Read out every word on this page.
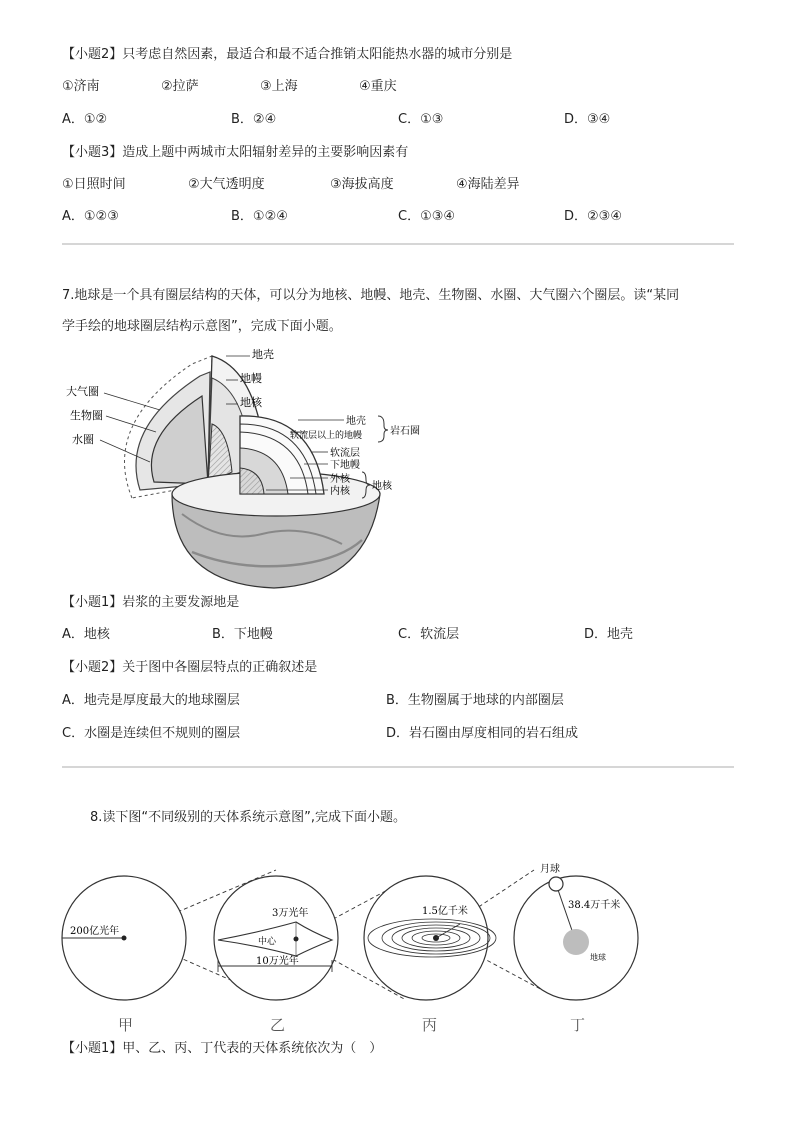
【小题2】只考虑自然因素，最适合和最不适合推销太阳能热水器的城市分别是
①济南	②拉萨	③上海	④重庆
A．①②	B．②④	C．①③	D．③④
【小题3】造成上题中两城市太阳辐射差异的主要影响因素有
①日照时间	②大气透明度	③海拔高度	④海陆差异
A．①②③	B．①②④	C．①③④	D．②③④
7.地球是一个具有圈层结构的天体，可以分为地核、地幔、地壳、生物圈、水圈、大气圈六个圈层。读“某同
学手绘的地球圈层结构示意图”，完成下面小题。
大气圈
生物圈
水圈
地壳
地幔
地核
地壳
软流层以上的地幔
软流层
下地幔
外核
内核
岩石圈
地核
【小题1】岩浆的主要发源地是
A．地核	B．下地幔	C．软流层	D．地壳
【小题2】关于图中各圈层特点的正确叙述是
A．地壳是厚度最大的地球圈层	B．生物圈属于地球的内部圈层
C．水圈是连续但不规则的圈层	D．岩石圈由厚度相同的岩石组成
8.读下图“不同级别的天体系统示意图”,完成下面小题。
200亿光年
3万光年
中心
10万光年
1.5亿千米
月球
38.4万千米
地球
甲	乙	丙	丁
【小题1】甲、乙、丙、丁代表的天体系统依次为（　）
